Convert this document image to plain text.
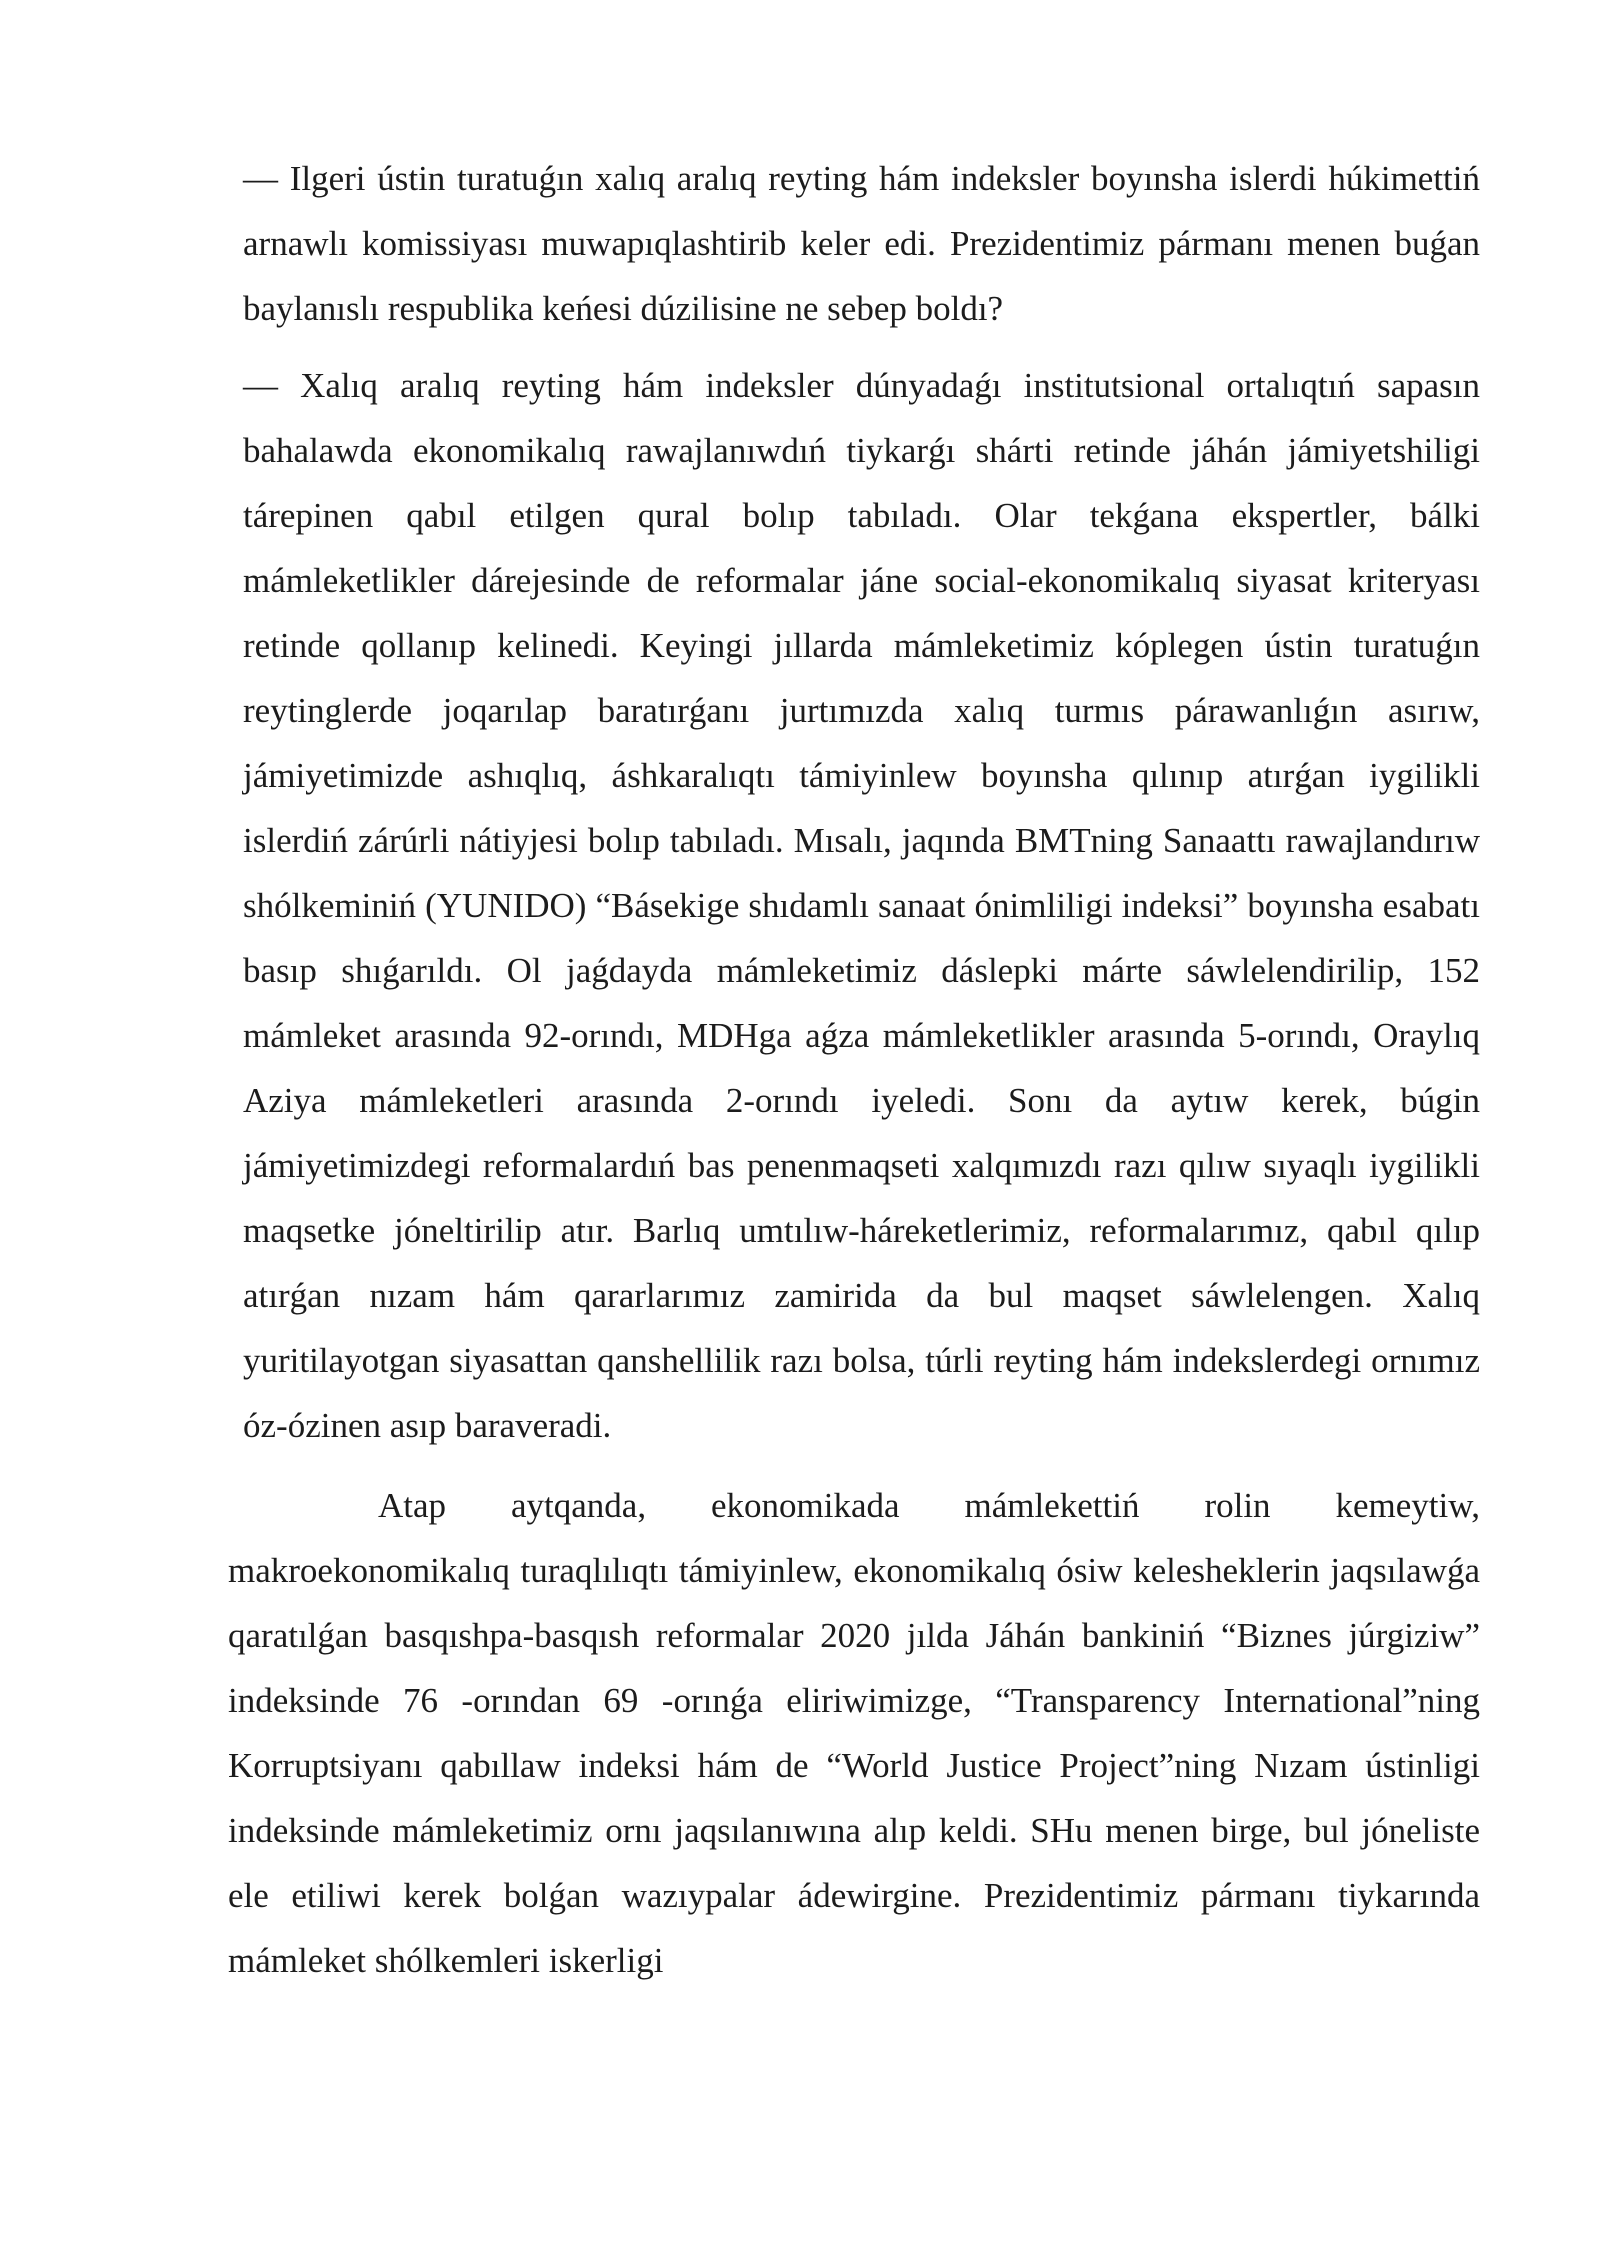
— Ilgeri ústin turatuǵın xalıq aralıq reyting hám indeksler boyınsha islerdi húkimettiń arnawlı komissiyası muwapıqlashtirib keler edi. Prezidentimiz pármanı menen buǵan baylanıslı respublika keńesi dúzilisine ne sebep boldı?

— Xalıq aralıq reyting hám indeksler dúnyadaǵı institutsional ortalıqtıń sapasın bahalawda ekonomikalıq rawajlanıwdıń tiykarǵı shárti retinde jáhán jámiyetshiligi tárepinen qabıl etilgen qural bolıp tabıladı. Olar tekǵana ekspertler, bálki mámleketlikler dárejesinde de reformalar jáne social-ekonomikalıq siyasat kriteryası retinde qollanıp kelinedi. Keyingi jıllarda mámleketimiz kóplegen ústin turatuǵın reytinglerde joqarılap baratırǵanı jurtımızda xalıq turmıs párawanlıǵın asırıw, jámiyetimizde ashıqlıq, áshkaralıqtı támiyinlew boyınsha qılınıp atırǵan iygilikli islerdiń zárúrli nátiyjesi bolıp tabıladı. Mısalı, jaqında BMTning Sanaattı rawajlandırıw shólkeminiń (YUNIDO) “Básekige shıdamlı sanaat ónimliligi indeksi” boyınsha esabatı basıp shıǵarıldı. Ol jaǵdayda mámleketimiz dáslepki márte sáwlelendirilip, 152 mámleket arasında 92-orındı, MDHga aǵza mámleketlikler arasında 5-orındı, Oraylıq Aziya mámleketleri arasında 2-orındı iyeledi. Sonı da aytıw kerek, búgin jámiyetimizdegi reformalardıń bas penenmaqseti xalqımızdı razı qılıw sıyaqlı iygilikli maqsetke jóneltirilip atır. Barlıq umtılıw-háreketlerimiz, reformalarımız, qabıl qılıp atırǵan nızam hám qararlarımız zamirida da bul maqset sáwlelengen. Xalıq yuritilayotgan siyasattan qanshellilik razı bolsa, túrli reyting hám indekslerdegi ornımız óz-ózinen asıp baraveradi.

Atap aytqanda, ekonomikada mámlekettiń rolin kemeytiw, makroekonomikalıq turaqlılıqtı támiyinlew, ekonomikalıq ósiw kelesheklerin jaqsılawǵa qaratılǵan basqıshpa-basqısh reformalar 2020 jılda Jáhán bankiniń “Biznes júrgiziw” indeksinde 76 -orından 69 -orınǵa eliriwimizge, “Transparency International”ning Korruptsiyanı qabıllaw indeksi hám de “World Justice Project”ning Nızam ústinligi indeksinde mámleketimiz ornı jaqsılanıwına alıp keldi. SHu menen birge, bul jóneliste ele etiliwi kerek bolǵan wazıypalar ádewirgine. Prezidentimiz pármanı tiykarında mámleket shólkemleri iskerligi
